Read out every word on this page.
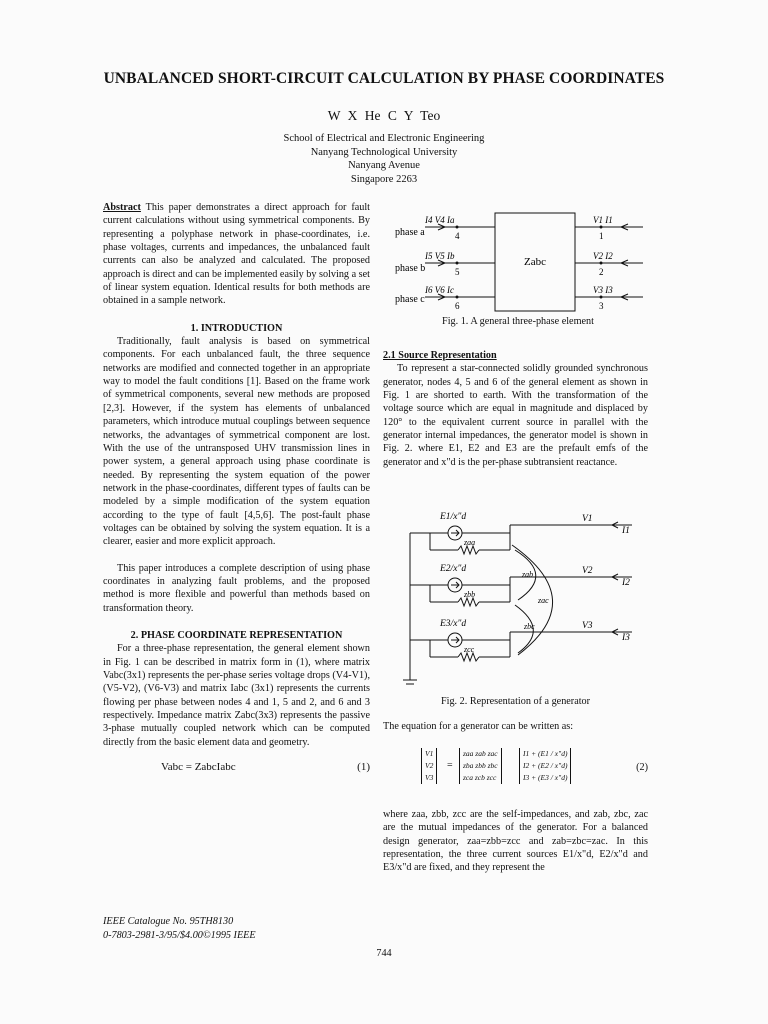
UNBALANCED SHORT-CIRCUIT CALCULATION BY PHASE COORDINATES
W X He C Y Teo
School of Electrical and Electronic Engineering
Nanyang Technological University
Nanyang Avenue
Singapore 2263

Abstract This paper demonstrates a direct approach for fault current calculations without using symmetrical components. By representing a polyphase network in phase-coordinates, i.e. phase voltages, currents and impedances, the unbalanced fault currents can also be analyzed and calculated. The proposed approach is direct and can be implemented easily by solving a set of linear system equation. Identical results for both methods are obtained in a sample network.

1. INTRODUCTION

Traditionally, fault analysis is based on symmetrical components. For each unbalanced fault, the three sequence networks are modified and connected together in an appropriate way to model the fault conditions [1]. Based on the frame work of symmetrical components, several new methods are proposed [2,3]. However, if the system has elements of unbalanced parameters, which introduce mutual couplings between sequence networks, the advantages of symmetrical component are lost. With the use of the untransposed UHV transmission lines in power system, a general approach using phase coordinate is needed. By representing the system equation of the power network in the phase-coordinates, different types of faults can be modeled by a simple modification of the system equation according to the type of fault [4,5,6]. The post-fault phase voltages can be obtained by solving the system equation. It is a clearer, easier and more explicit approach.

This paper introduces a complete description of using phase coordinates in analyzing fault problems, and the proposed method is more flexible and powerful than methods based on transformation theory.

2. PHASE COORDINATE REPRESENTATION

For a three-phase representation, the general element shown in Fig. 1 can be described in matrix form in (1), where matrix Vabc(3x1) represents the per-phase series voltage drops (V4-V1), (V5-V2), (V6-V3) and matrix Iabc (3x1) represents the currents flowing per phase between nodes 4 and 1, 5 and 2, and 6 and 3 respectively. Impedance matrix Zabc(3x3) represents the passive 3-phase mutually coupled network which can be computed directly from the basic element data and geometry.

Vabc = ZabcIabc	(1)
Zabc
phase a
phase b
phase c
I4 V4 Ia
I5 V5 Ib
I6 V6 Ic
4
5
6
1
2
3
V1 I1
V2 I2
V3 I3
Fig. 1. A general three-phase element

2.1 Source Representation

To represent a star-connected solidly grounded synchronous generator, nodes 4, 5 and 6 of the general element as shown in Fig. 1 are shorted to earth. With the transformation of the voltage source which are equal in magnitude and displaced by 120° to the equivalent current source in parallel with the generator internal impedances, the generator model is shown in Fig. 2. where E1, E2 and E3 are the prefault emfs of the generator and x"d is the per-phase subtransient reactance.

E1/x"d
E2/x"d
E3/x"d
zaa
zbb
zcc
zab
zac
zbc
V1
V2
V3
I1
I2
I3
Fig. 2. Representation of a generator
The equation for a generator can be written as:
V1
V2
V3
=
zaa zab zac
zba zbb zbc
zca zcb zcc
I1 + (E1 / x"d)
I2 + (E2 / x"d)
I3 + (E3 / x"d)
(2)
where zaa, zbb, zcc are the self-impedances, and zab, zbc, zac are the mutual impedances of the generator. For a balanced design generator, zaa=zbb=zcc and zab=zbc=zac. In this representation, the three current sources E1/x"d, E2/x"d and E3/x"d are fixed, and they represent the
IEEE Catalogue No. 95TH8130
0-7803-2981-3/95/$4.00©1995 IEEE
744
